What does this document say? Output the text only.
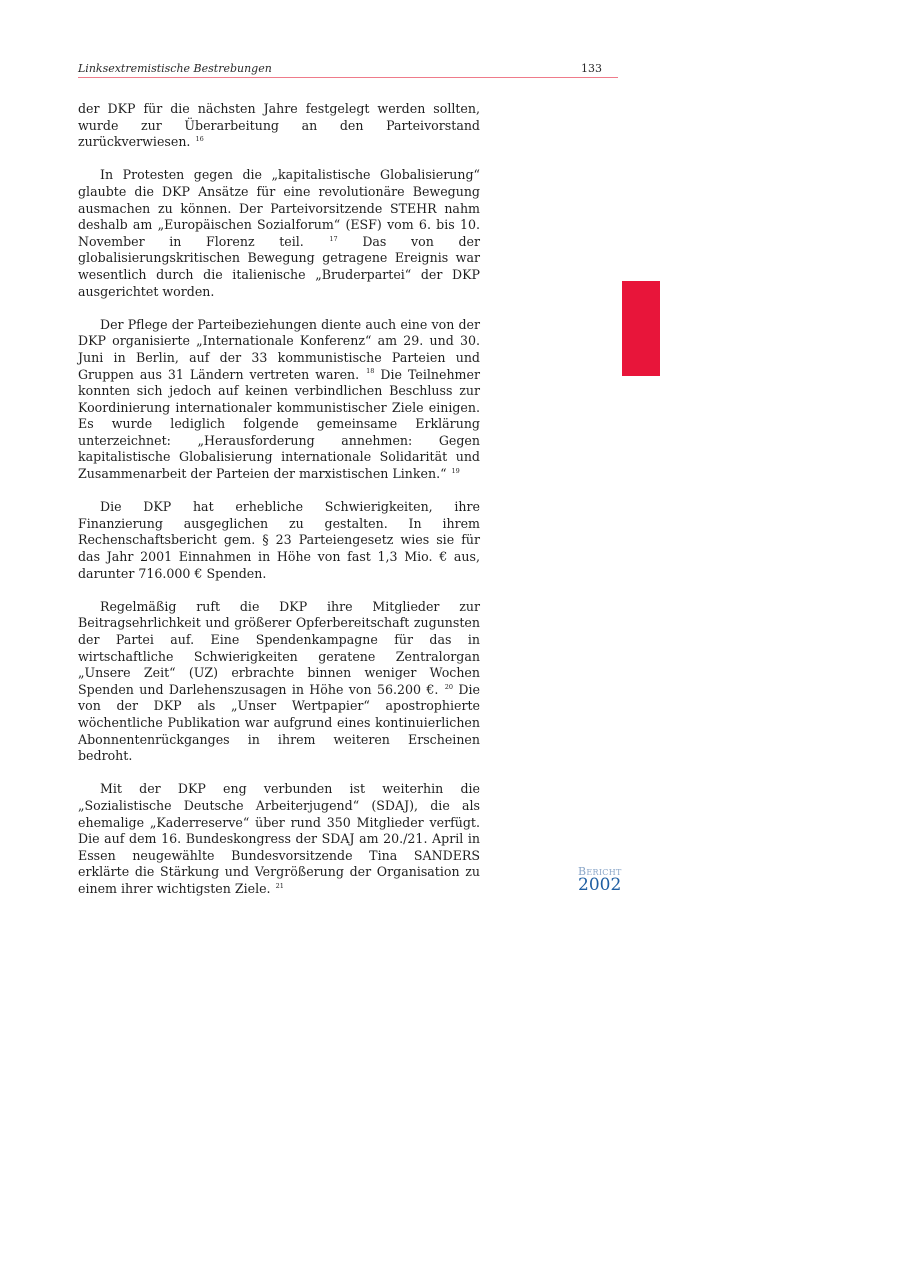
Linksextremistische Bestrebungen	133

der DKP für die nächsten Jahre festgelegt werden sollten, wurde zur Überarbeitung an den Parteivorstand zurückverwiesen. $^{16}$

In Protesten gegen die „kapitalistische Globalisierung“ glaubte die DKP Ansätze für eine revolutionäre Bewegung ausmachen zu können. Der Parteivorsitzende STEHR nahm deshalb am „Europäischen Sozialforum“ (ESF) vom 6. bis 10. November in Florenz teil.	$^{17}$ Das von der globalisierungskritischen Bewegung getragene Ereignis war wesentlich durch die italienische „Bruderpartei“ der DKP ausgerichtet worden.

Der Pflege der Parteibeziehungen diente auch eine von der DKP organisierte „Internationale Konferenz“ am 29. und 30. Juni in Berlin, auf der 33 kommunistische Parteien und Gruppen aus 31 Ländern vertreten waren. $^{18}$ Die Teilnehmer konnten sich jedoch auf keinen verbindlichen Beschluss zur Koordinierung internationaler kommunistischer Ziele einigen. Es wurde lediglich folgende gemeinsame Erklärung unterzeichnet: „Herausforderung annehmen: Gegen kapitalistische Globalisierung internationale Solidarität und Zusammenarbeit der Parteien der marxistischen Linken.“ $^{19}$

Die DKP hat erhebliche Schwierigkeiten, ihre Finanzierung ausgeglichen zu gestalten. In ihrem Rechenschaftsbericht gem. § 23 Parteiengesetz wies sie für das Jahr 2001 Einnahmen in Höhe von fast 1,3 Mio. € aus, darunter 716.000 € Spenden.

Regelmäßig ruft die DKP ihre Mitglieder zur Beitragsehrlichkeit und größerer Opferbereitschaft zugunsten der Partei auf. Eine Spendenkampagne für das in wirtschaftliche Schwierigkeiten geratene Zentralorgan „Unsere Zeit“ (UZ) erbrachte binnen weniger Wochen Spenden und Darlehenszusagen in Höhe von 56.200 €. $^{20}$ Die von der DKP als „Unser Wertpapier“ apostrophierte wöchentliche Publikation war aufgrund eines kontinuierlichen Abonnentenrückganges in ihrem weiteren Erscheinen bedroht.

Mit der DKP eng verbunden ist weiterhin die „Sozialistische Deutsche Arbeiterjugend“ (SDAJ), die als ehemalige „Kaderreserve“ über rund 350 Mitglieder verfügt. Die auf dem 16. Bundeskongress der SDAJ am 20./21. April in Essen neugewählte Bundesvorsitzende Tina SANDERS erklärte die Stärkung und Vergrößerung der Organisation zu einem ihrer wichtigsten Ziele. $^{21}$

Bericht
2002
